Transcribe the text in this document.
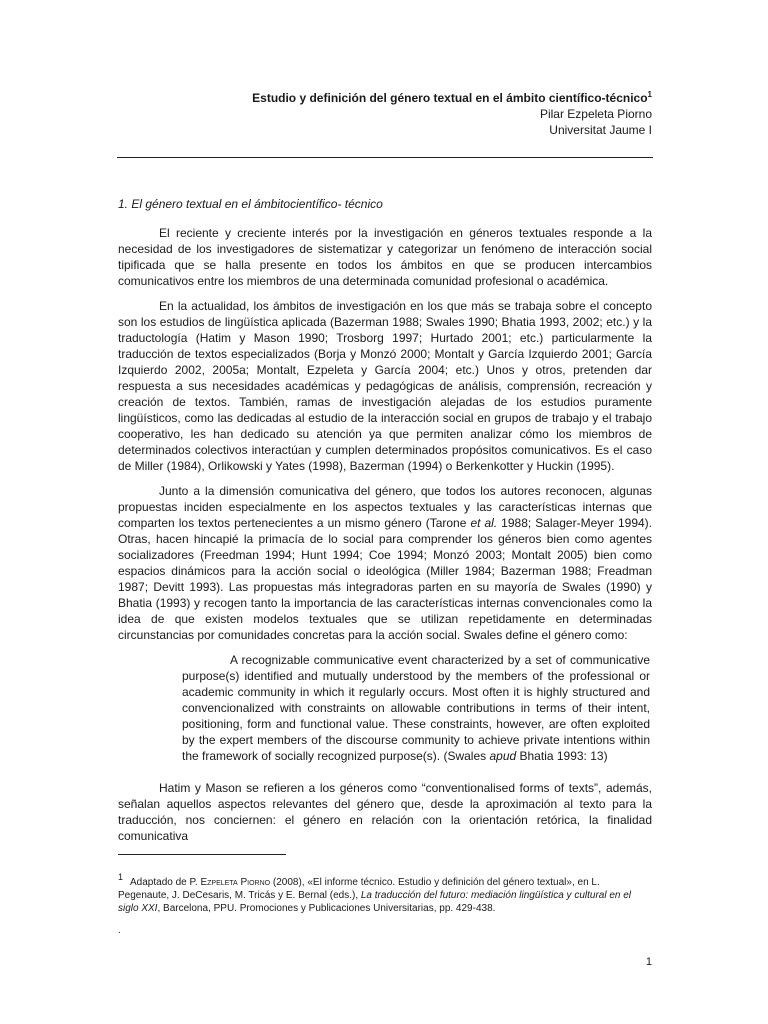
Estudio y definición del género textual en el ámbito científico-técnico$^1$
Pilar Ezpeleta Piorno
Universitat Jaume I

1. El género textual en el ámbitocientífico- técnico

El reciente y creciente interés por la investigación en géneros textuales responde a la necesidad de los investigadores de sistematizar y categorizar un fenómeno de interacción social tipificada que se halla presente en todos los ámbitos en que se producen intercambios comunicativos entre los miembros de una determinada comunidad profesional o académica.

En la actualidad, los ámbitos de investigación en los que más se trabaja sobre el concepto son los estudios de lingüística aplicada (Bazerman 1988; Swales 1990; Bhatia 1993, 2002; etc.) y la traductología (Hatim y Mason 1990; Trosborg 1997; Hurtado 2001; etc.) particularmente la traducción de textos especializados (Borja y Monzó 2000; Montalt y García Izquierdo 2001; García Izquierdo 2002, 2005a; Montalt, Ezpeleta y García 2004; etc.) Unos y otros, pretenden dar respuesta a sus necesidades académicas y pedagógicas de análisis, comprensión, recreación y creación de textos. También, ramas de investigación alejadas de los estudios puramente lingüísticos, como las dedicadas al estudio de la interacción social en grupos de trabajo y el trabajo cooperativo, les han dedicado su atención ya que permiten analizar cómo los miembros de determinados colectivos interactúan y cumplen determinados propósitos comunicativos. Es el caso de Miller (1984), Orlikowski y Yates (1998), Bazerman (1994) o Berkenkotter y Huckin (1995).

Junto a la dimensión comunicativa del género, que todos los autores reconocen, algunas propuestas inciden especialmente en los aspectos textuales y las características internas que comparten los textos pertenecientes a un mismo género (Tarone et al. 1988; Salager-Meyer 1994). Otras, hacen hincapié la primacía de lo social para comprender los géneros bien como agentes socializadores (Freedman 1994; Hunt 1994; Coe 1994; Monzó 2003; Montalt 2005) bien como espacios dinámicos para la acción social o ideológica (Miller 1984; Bazerman 1988; Freadman 1987; Devitt 1993). Las propuestas más integradoras parten en su mayoría de Swales (1990) y Bhatia (1993) y recogen tanto la importancia de las características internas convencionales como la idea de que existen modelos textuales que se utilizan repetidamente en determinadas circunstancias por comunidades concretas para la acción social. Swales define el género como:

A recognizable communicative event characterized by a set of communicative purpose(s) identified and mutually understood by the members of the professional or academic community in which it regularly occurs. Most often it is highly structured and convencionalized with constraints on allowable contributions in terms of their intent, positioning, form and functional value. These constraints, however, are often exploited by the expert members of the discourse community to achieve private intentions within the framework of socially recognized purpose(s). (Swales apud Bhatia 1993: 13)

Hatim y Mason se refieren a los géneros como “conventionalised forms of texts”, además, señalan aquellos aspectos relevantes del género que, desde la aproximación al texto para la traducción, nos conciernen: el género en relación con la orientación retórica, la finalidad comunicativa

1 Adaptado de P. Ezpeleta Piorno (2008), «El informe técnico. Estudio y definición del género textual», en L. Pegenaute, J. DeCesaris, M. Tricás y E. Bernal (eds.), La traducción del futuro: mediación lingüística y cultural en el siglo XXI, Barcelona, PPU. Promociones y Publicaciones Universitarias, pp. 429-438.
.
1
